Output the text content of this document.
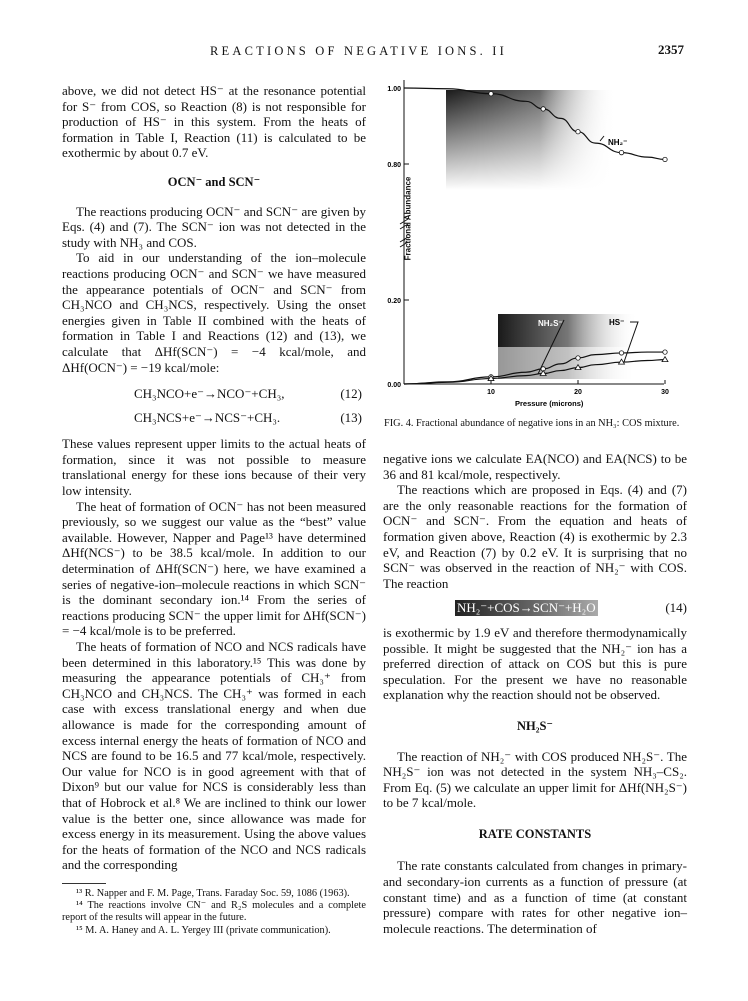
REACTIONS OF NEGATIVE IONS. II	2357

above, we did not detect HS⁻ at the resonance potential for S⁻ from COS, so Reaction (8) is not responsible for production of HS⁻ in this system. From the heats of formation in Table I, Reaction (11) is calculated to be exothermic by about 0.7 eV.

OCN⁻ and SCN⁻

The reactions producing OCN⁻ and SCN⁻ are given by Eqs. (4) and (7). The SCN⁻ ion was not detected in the study with NH₃ and COS.

To aid in our understanding of the ion–molecule reactions producing OCN⁻ and SCN⁻ we have measured the appearance potentials of OCN⁻ and SCN⁻ from CH₃NCO and CH₃NCS, respectively. Using the onset energies given in Table II combined with the heats of formation in Table I and Reactions (12) and (13), we calculate that ΔHf(SCN⁻) = −4 kcal/mole, and ΔHf(OCN⁻) = −19 kcal/mole:

CH₃NCO+e⁻→NCO⁻+CH₃,	(12)
CH₃NCS+e⁻→NCS⁻+CH₃.	(13)

These values represent upper limits to the actual heats of formation, since it was not possible to measure translational energy for these ions because of their very low intensity.

The heat of formation of OCN⁻ has not been measured previously, so we suggest our value as the “best” value available. However, Napper and Page¹³ have determined ΔHf(NCS⁻) to be 38.5 kcal/mole. In addition to our determination of ΔHf(SCN⁻) here, we have examined a series of negative-ion–molecule reactions in which SCN⁻ is the dominant secondary ion.¹⁴ From the series of reactions producing SCN⁻ the upper limit for ΔHf(SCN⁻) = −4 kcal/mole is to be preferred.

The heats of formation of NCO and NCS radicals have been determined in this laboratory.¹⁵ This was done by measuring the appearance potentials of CH₃⁺ from CH₃NCO and CH₃NCS. The CH₃⁺ was formed in each case with excess translational energy and when due allowance is made for the corresponding amount of excess internal energy the heats of formation of NCO and NCS are found to be 16.5 and 77 kcal/mole, respectively. Our value for NCO is in good agreement with that of Dixon⁹ but our value for NCS is considerably less than that of Hobrock et al.⁸ We are inclined to think our lower value is the better one, since allowance was made for excess energy in its measurement. Using the above values for the heats of formation of the NCO and NCS radicals and the corresponding

¹³ R. Napper and F. M. Page, Trans. Faraday Soc. 59, 1086 (1963).

¹⁴ The reactions involve CN⁻ and R₂S molecules and a complete report of the results will appear in the future.

¹⁵ M. A. Haney and A. L. Yergey III (private communication).

Fractional Abundance
1.00
0.80
0.20
0.00
10	20	30
NH₂⁻
NH₂S⁻	HS⁻
Pressure (microns)
FIG. 4. Fractional abundance of negative ions in an NH₃: COS mixture.

negative ions we calculate EA(NCO) and EA(NCS) to be 36 and 81 kcal/mole, respectively.

The reactions which are proposed in Eqs. (4) and (7) are the only reasonable reactions for the formation of OCN⁻ and SCN⁻. From the equation and heats of formation given above, Reaction (4) is exothermic by 2.3 eV, and Reaction (7) by 0.2 eV. It is surprising that no SCN⁻ was observed in the reaction of NH₂⁻ with COS. The reaction

NH₂⁻+COS→SCN⁻+H₂O	(14)

is exothermic by 1.9 eV and therefore thermodynamically possible. It might be suggested that the NH₂⁻ ion has a preferred direction of attack on COS but this is pure speculation. For the present we have no reasonable explanation why the reaction should not be observed.

NH₂S⁻

The reaction of NH₂⁻ with COS produced NH₂S⁻. The NH₂S⁻ ion was not detected in the system NH₃–CS₂. From Eq. (5) we calculate an upper limit for ΔHf(NH₂S⁻) to be 7 kcal/mole.

RATE CONSTANTS

The rate constants calculated from changes in primary- and secondary-ion currents as a function of pressure (at constant time) and as a function of time (at constant pressure) compare with rates for other negative ion–molecule reactions. The determination of
